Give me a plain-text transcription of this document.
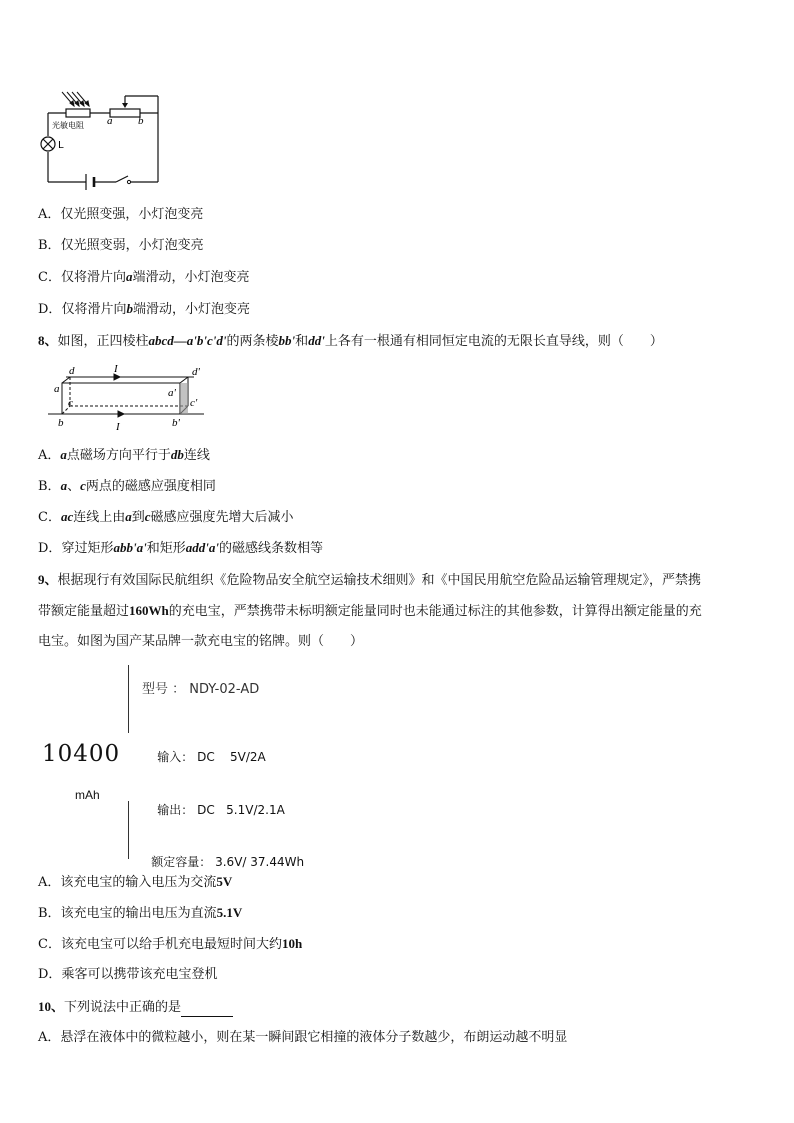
光敏电阻
L
a b
A．仅光照变强，小灯泡变亮
B．仅光照变弱，小灯泡变亮
C．仅将滑片向a端滑动，小灯泡变亮
D．仅将滑片向b端滑动，小灯泡变亮
8、如图，正四棱柱abcd—a'b'c'd'的两条棱bb'和dd'上各有一根通有相同恒定电流的无限长直导线，则（　　）
d	d'
a	a'
c	c'
b	b'
I
I
A．a点磁场方向平行于db连线
B．a、c两点的磁感应强度相同
C．ac连线上由a到c磁感应强度先增大后减小
D．穿过矩形abb'a'和矩形add'a'的磁感线条数相等
9、根据现行有效国际民航组织《危险物品安全航空运输技术细则》和《中国民用航空危险品运输管理规定》，严禁携
带额定能量超过160Wh的充电宝，严禁携带未标明额定能量同时也未能通过标注的其他参数，计算得出额定能量的充
电宝。如图为国产某品牌一款充电宝的铭牌。则（　　）
10400
mAh
型号 ： NDY-02-AD

输入： DC    5V/2A

输出： DC   5.1V/2.1A

额定容量： 3.6V/ 37.44Wh

A．该充电宝的输入电压为交流5V
B．该充电宝的输出电压为直流5.1V
C．该充电宝可以给手机充电最短时间大约10h
D．乘客可以携带该充电宝登机
10、下列说法中正确的是
A．悬浮在液体中的微粒越小，则在某一瞬间跟它相撞的液体分子数越少，布朗运动越不明显
